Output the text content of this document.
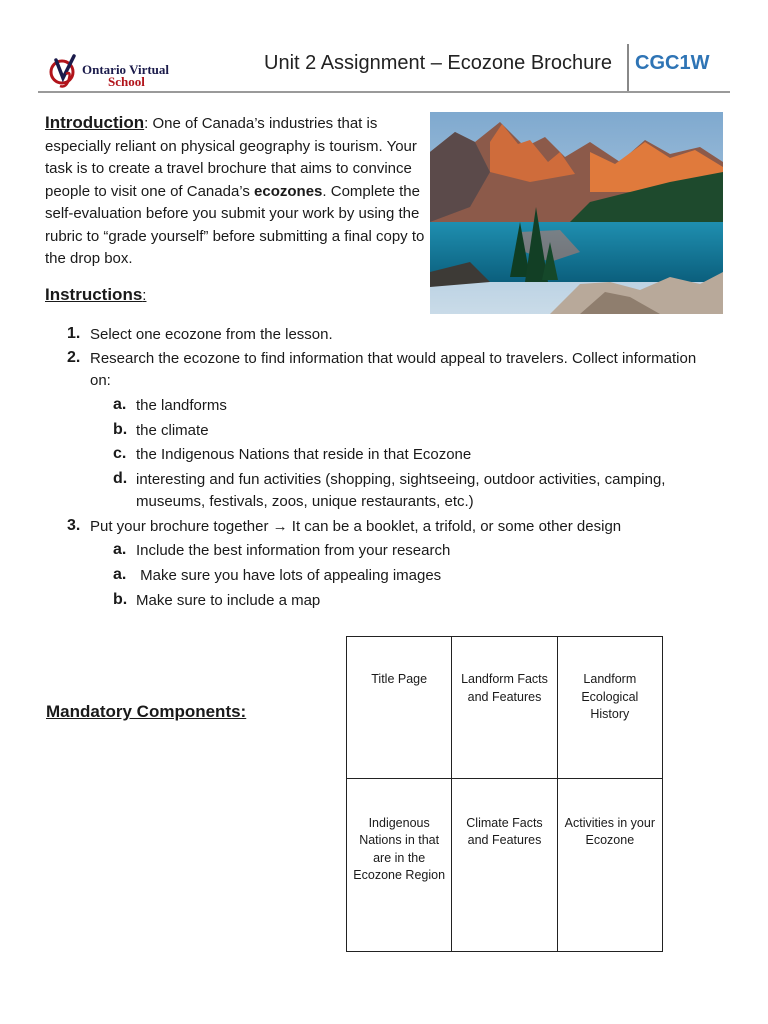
Ontario Virtual
School
Unit 2 Assignment – Ecozone Brochure CGC1W
Introduction: One of Canada’s industries that is especially reliant on physical geography is tourism. Your task is to create a travel brochure that aims to convince people to visit one of Canada’s ecozones. Complete the self-evaluation before you submit your work by using the rubric to “grade yourself” before submitting a final copy to the drop box.
Instructions:
1. Select one ecozone from the lesson.
2. Research the ecozone to find information that would appeal to travelers. Collect information on:
a. the landforms
b. the climate
c. the Indigenous Nations that reside in that Ecozone
d. interesting and fun activities (shopping, sightseeing, outdoor activities, camping, museums, festivals, zoos, unique restaurants, etc.)
3. Put your brochure together → It can be a booklet, a trifold, or some other design
a. Include the best information from your research
a. Make sure you have lots of appealing images
b. Make sure to include a map
Mandatory Components:
Title Page	Landform Facts and Features	Landform Ecological History
Indigenous Nations in that are in the Ecozone Region	Climate Facts and Features	Activities in your Ecozone
